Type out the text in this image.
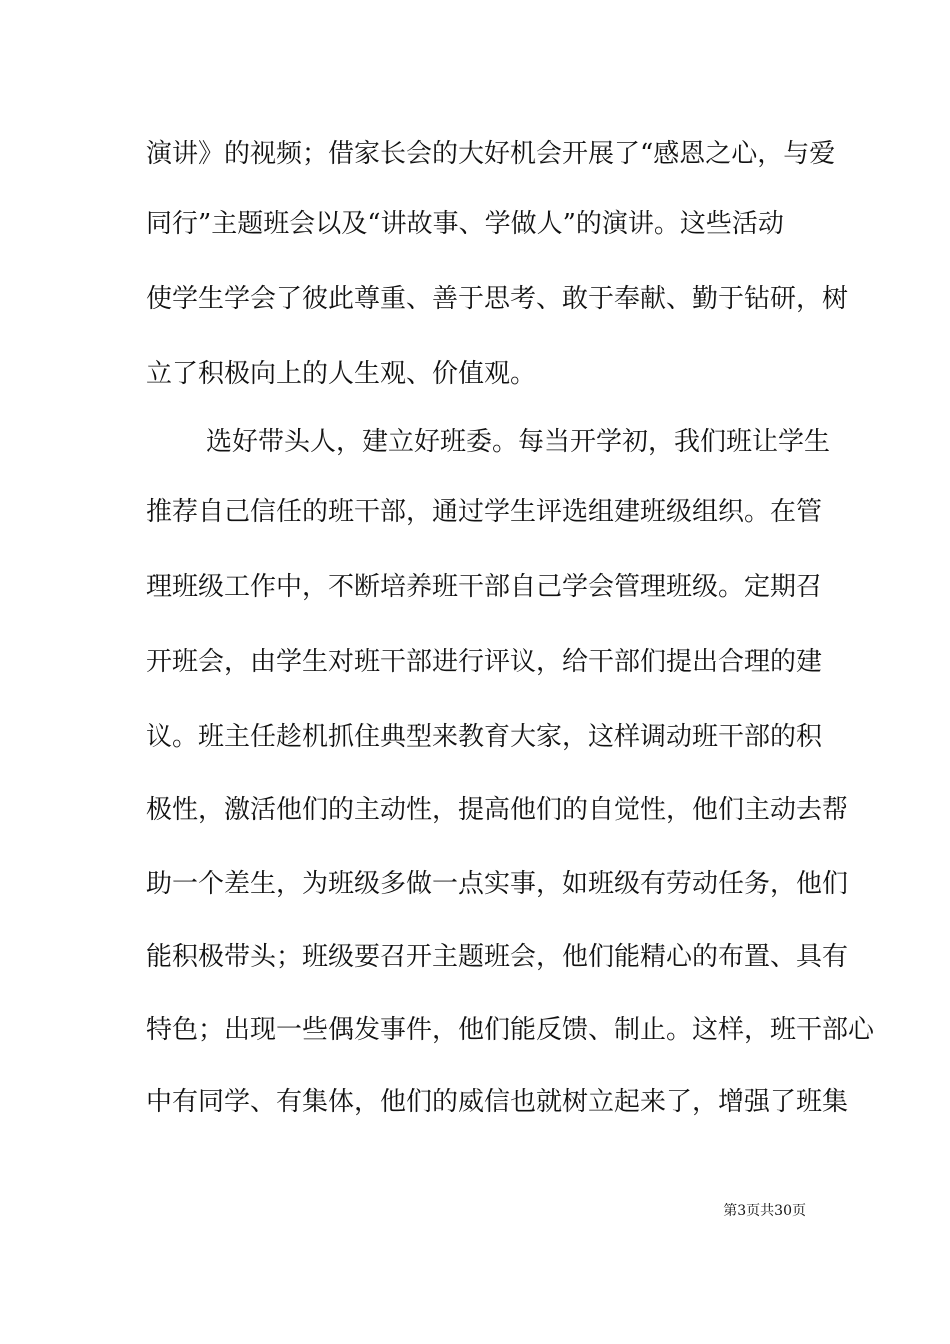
演讲》的视频；借家长会的大好机会开展了“感恩之心，与爱
同行”主题班会以及“讲故事、学做人”的演讲。这些活动
使学生学会了彼此尊重、善于思考、敢于奉献、勤于钻研，树
立了积极向上的人生观、价值观。
选好带头人，建立好班委。每当开学初，我们班让学生
推荐自己信任的班干部，通过学生评选组建班级组织。在管
理班级工作中，不断培养班干部自己学会管理班级。定期召
开班会，由学生对班干部进行评议，给干部们提出合理的建
议。班主任趁机抓住典型来教育大家，这样调动班干部的积
极性，激活他们的主动性，提高他们的自觉性，他们主动去帮
助一个差生，为班级多做一点实事，如班级有劳动任务，他们
能积极带头；班级要召开主题班会，他们能精心的布置、具有
特色；出现一些偶发事件，他们能反馈、制止。这样，班干部心
中有同学、有集体，他们的威信也就树立起来了，增强了班集
第3页共30页
